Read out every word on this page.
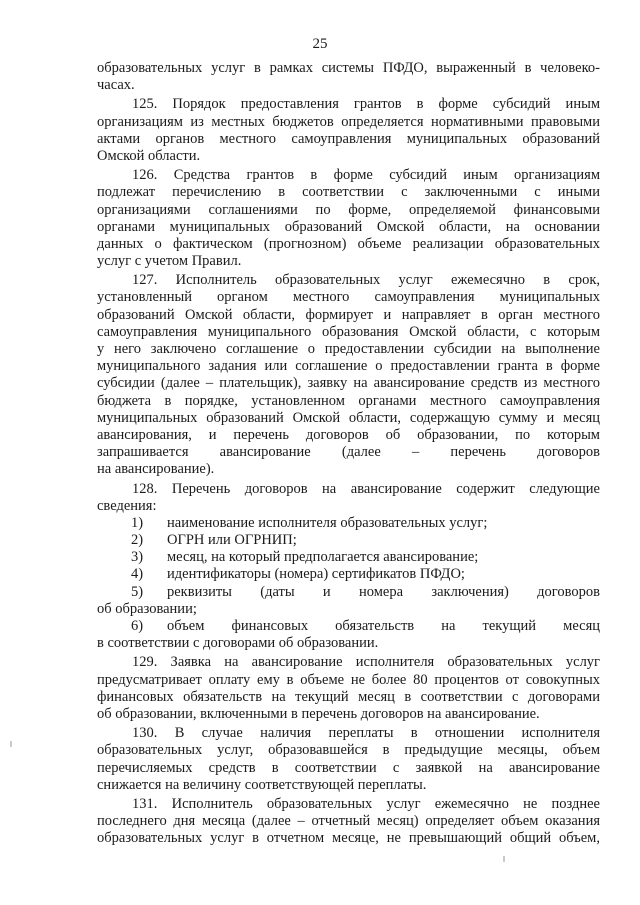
25
образовательных услуг в рамках системы ПФДО, выраженный в человеко-
часах.
125. Порядок предоставления грантов в форме субсидий иным
организациям из местных бюджетов определяется нормативными правовыми
актами органов местного самоуправления муниципальных образований
Омской области.
126. Средства грантов в форме субсидий иным организациям
подлежат перечислению в соответствии с заключенными с иными
организациями соглашениями по форме, определяемой финансовыми
органами муниципальных образований Омской области, на основании
данных о фактическом (прогнозном) объеме реализации образовательных
услуг с учетом Правил.
127. Исполнитель образовательных услуг ежемесячно в срок,
установленный органом местного самоуправления муниципальных
образований Омской области, формирует и направляет в орган местного
самоуправления муниципального образования Омской области, с которым
у него заключено соглашение о предоставлении субсидии на выполнение
муниципального задания или соглашение о предоставлении гранта в форме
субсидии (далее – плательщик), заявку на авансирование средств из местного
бюджета в порядке, установленном органами местного самоуправления
муниципальных образований Омской области, содержащую сумму и месяц
авансирования, и перечень договоров об образовании, по которым
запрашивается авансирование (далее – перечень договоров
на авансирование).
128. Перечень договоров на авансирование содержит следующие
сведения:
1) наименование исполнителя образовательных услуг;
2) ОГРН или ОГРНИП;
3) месяц, на который предполагается авансирование;
4) идентификаторы (номера) сертификатов ПФДО;
5) реквизиты (даты и номера заключения) договоров
об образовании;
6) объем финансовых обязательств на текущий месяц
в соответствии с договорами об образовании.
129. Заявка на авансирование исполнителя образовательных услуг
предусматривает оплату ему в объеме не более 80 процентов от совокупных
финансовых обязательств на текущий месяц в соответствии с договорами
об образовании, включенными в перечень договоров на авансирование.
130. В случае наличия переплаты в отношении исполнителя
образовательных услуг, образовавшейся в предыдущие месяцы, объем
перечисляемых средств в соответствии с заявкой на авансирование
снижается на величину соответствующей переплаты.
131. Исполнитель образовательных услуг ежемесячно не позднее
последнего дня месяца (далее – отчетный месяц) определяет объем оказания
образовательных услуг в отчетном месяце, не превышающий общий объем,
